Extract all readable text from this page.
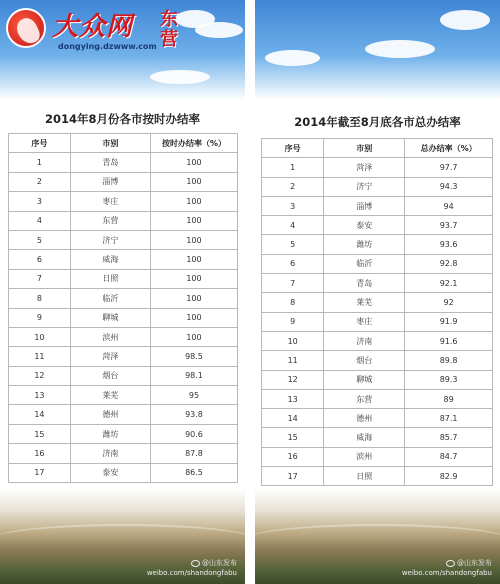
大众网 东营
dongying.dzwww.com
2014年8月份各市按时办结率
序号	市别	按时办结率（%）
1	青岛	100
2	淄博	100
3	枣庄	100
4	东营	100
5	济宁	100
6	威海	100
7	日照	100
8	临沂	100
9	聊城	100
10	滨州	100
11	菏泽	98.5
12	烟台	98.1
13	莱芜	95
14	德州	93.8
15	潍坊	90.6
16	济南	87.8
17	泰安	86.5
@山东发布
weibo.com/shandongfabu
2014年截至8月底各市总办结率
序号	市别	总办结率（%）
1	菏泽	97.7
2	济宁	94.3
3	淄博	94
4	泰安	93.7
5	潍坊	93.6
6	临沂	92.8
7	青岛	92.1
8	莱芜	92
9	枣庄	91.9
10	济南	91.6
11	烟台	89.8
12	聊城	89.3
13	东营	89
14	德州	87.1
15	威海	85.7
16	滨州	84.7
17	日照	82.9
@山东发布
weibo.com/shandongfabu
